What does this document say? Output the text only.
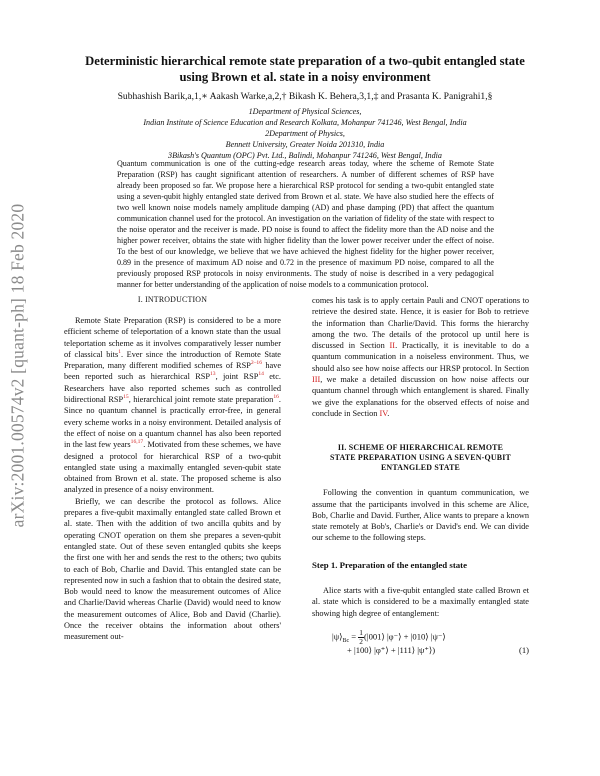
arXiv:2001.00574v2 [quant-ph] 18 Feb 2020
Deterministic hierarchical remote state preparation of a two-qubit entangled state
using Brown et al. state in a noisy environment
Subhashish Barik,a,1,∗ Aakash Warke,a,2,† Bikash K. Behera,3,1,‡ and Prasanta K. Panigrahi1,§
1Department of Physical Sciences,
Indian Institute of Science Education and Research Kolkata, Mohanpur 741246, West Bengal, India
2Department of Physics,
Bennett University, Greater Noida 201310, India
3Bikash's Quantum (OPC) Pvt. Ltd., Balindi, Mohanpur 741246, West Bengal, India
Quantum communication is one of the cutting-edge research areas today, where the scheme of Remote State Preparation (RSP) has caught significant attention of researchers. A number of different schemes of RSP have already been proposed so far. We propose here a hierarchical RSP protocol for sending a two-qubit entangled state using a seven-qubit highly entangled state derived from Brown et al. state. We have also studied here the effects of two well known noise models namely amplitude damping (AD) and phase damping (PD) that affect the quantum communication channel used for the protocol. An investigation on the variation of fidelity of the state with respect to the noise operator and the receiver is made. PD noise is found to affect the fidelity more than the AD noise and the higher power receiver, obtains the state with higher fidelity than the lower power receiver under the effect of noise. To the best of our knowledge, we believe that we have achieved the highest fidelity for the higher power receiver, 0.89 in the presence of maximum AD noise and 0.72 in the presence of maximum PD noise, compared to all the previously proposed RSP protocols in noisy environments. The study of noise is described in a very pedagogical manner for better understanding of the application of noise models to a communication protocol.
I. INTRODUCTION

Remote State Preparation (RSP) is considered to be a more efficient scheme of teleportation of a known state than the usual teleportation scheme as it involves comparatively lesser number of classical bits$^1$. Ever since the introduction of Remote State Preparation, many different modified schemes of RSP$^{2-16}$ have been reported such as hierarchical RSP$^{13}$, joint RSP$^{14}$ etc. Researchers have also reported schemes such as controlled bidirectional RSP$^{15}$, hierarchical joint remote state preparation$^{16}$. Since no quantum channel is practically error-free, in general every scheme works in a noisy environment. Detailed analysis of the effect of noise on a quantum channel has also been reported in the last few years$^{16,17}$. Motivated from these schemes, we have designed a protocol for hierarchical RSP of a two-qubit entangled state using a maximally entangled seven-qubit state obtained from Brown et al. state. The proposed scheme is also analyzed in presence of a noisy environment.

Briefly, we can describe the protocol as follows. Alice prepares a five-qubit maximally entangled state called Brown et al. state. Then with the addition of two ancilla qubits and by operating CNOT operation on them she prepares a seven-qubit entangled state. Out of these seven entangled qubits she keeps the first one with her and sends the rest to the others; two qubits to each of Bob, Charlie and David. This entangled state can be represented now in such a fashion that to obtain the desired state, Bob would need to know the measurement outcomes of Alice and Charlie/David whereas Charlie (David) would need to know the measurement outcomes of Alice, Bob and David (Charlie). Once the receiver obtains the information about others' measurement out-

comes his task is to apply certain Pauli and CNOT operations to retrieve the desired state. Hence, it is easier for Bob to retrieve the information than Charlie/David. This forms the hierarchy among the two. The details of the protocol up until here is discussed in Section II. Practically, it is inevitable to do a quantum communication in a noiseless environment. Thus, we should also see how noise affects our HRSP protocol. In Section III, we make a detailed discussion on how noise affects our quantum channel through which entanglement is shared. Finally we give the explanations for the observed effects of noise and conclude in Section IV.

II. SCHEME OF HIERARCHICAL REMOTE
STATE PREPARATION USING A SEVEN-QUBIT
ENTANGLED STATE

Following the convention in quantum communication, we assume that the participants involved in this scheme are Alice, Bob, Charlie and David. Further, Alice wants to prepare a known state remotely at Bob's, Charlie's or David's end. We can divide our scheme to the following steps.

Step 1. Preparation of the entangled state

Alice starts with a five-qubit entangled state called Brown et al. state which is considered to be a maximally entangled state showing high degree of entanglement:

$|\psi⟩_{Bc} = \frac{1}{2}$ (|001⟩ |φ⁻⟩ + |010⟩ |ψ⁻⟩
+ |100⟩ |φ⁺⟩ + |111⟩ |ψ⁺⟩)	(1)
